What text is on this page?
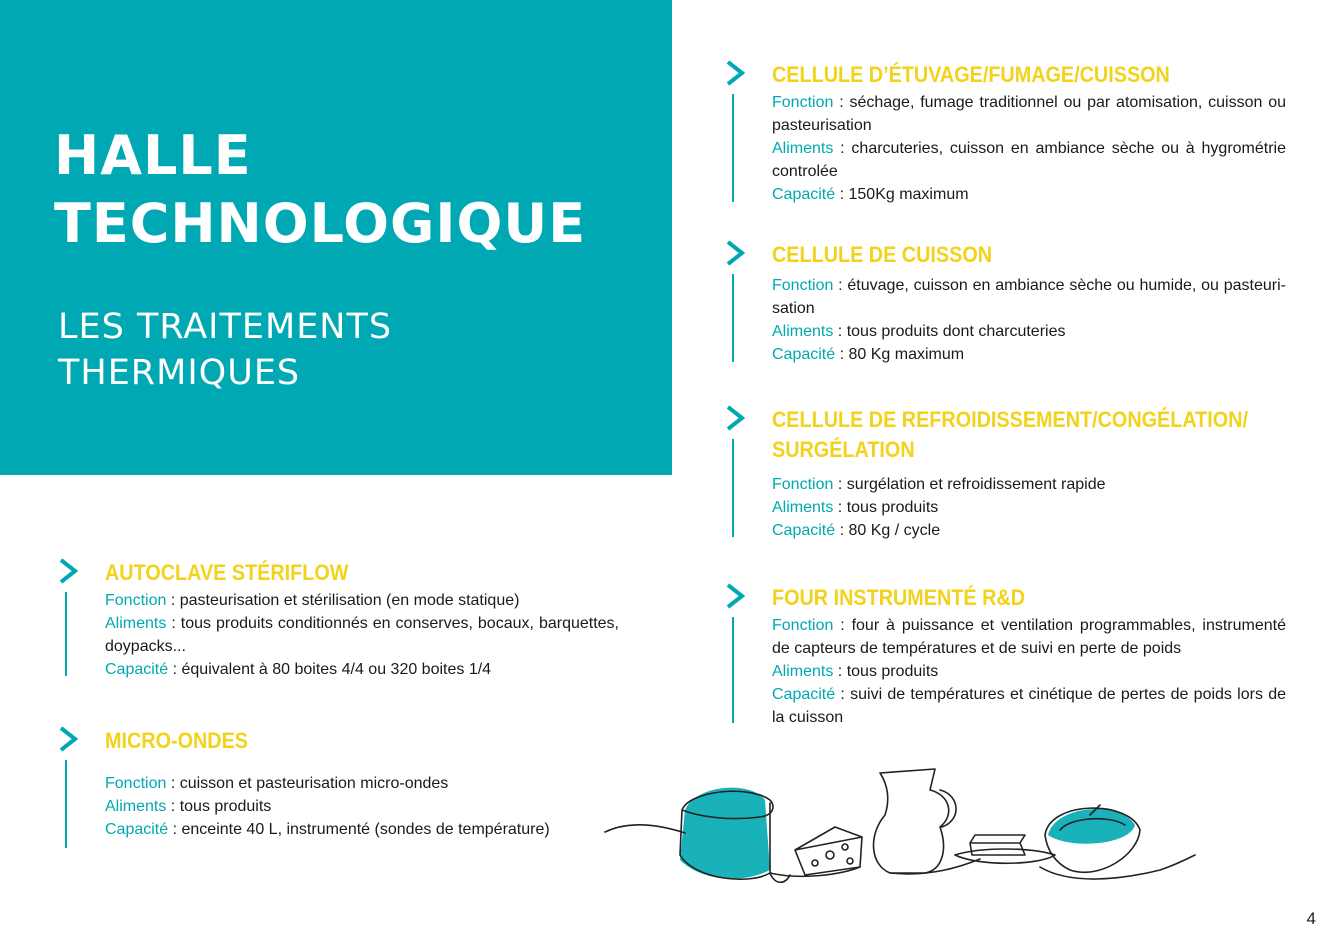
HALLE
TECHNOLOGIQUE
LES TRAITEMENTS
THERMIQUES
CELLULE D’ÉTUVAGE/FUMAGE/CUISSON
Fonction : séchage, fumage traditionnel ou par atomisation, cuisson ou pasteurisation
Aliments : charcuteries, cuisson en ambiance sèche ou à hygrométrie controlée
Capacité : 150Kg maximum
CELLULE DE CUISSON
Fonction : étuvage, cuisson en ambiance sèche ou humide, ou pasteuri-sation
Aliments : tous produits dont charcuteries
Capacité : 80 Kg maximum
CELLULE DE REFROIDISSEMENT/CONGÉLATION/
SURGÉLATION
Fonction : surgélation et refroidissement rapide
Aliments : tous produits
Capacité : 80 Kg / cycle
FOUR INSTRUMENTÉ R&D
Fonction : four à puissance et ventilation programmables, instrumenté de capteurs de températures et de suivi en perte de poids
Aliments : tous produits
Capacité : suivi de températures et cinétique de pertes de poids lors de la cuisson
AUTOCLAVE STÉRIFLOW
Fonction : pasteurisation et stérilisation (en mode statique)
Aliments : tous produits conditionnés en conserves, bocaux, barquettes, doypacks...
Capacité : équivalent à 80 boites 4/4 ou 320 boites 1/4
MICRO-ONDES
Fonction : cuisson et pasteurisation micro-ondes
Aliments : tous produits
Capacité : enceinte 40 L, instrumenté (sondes de température)
4
